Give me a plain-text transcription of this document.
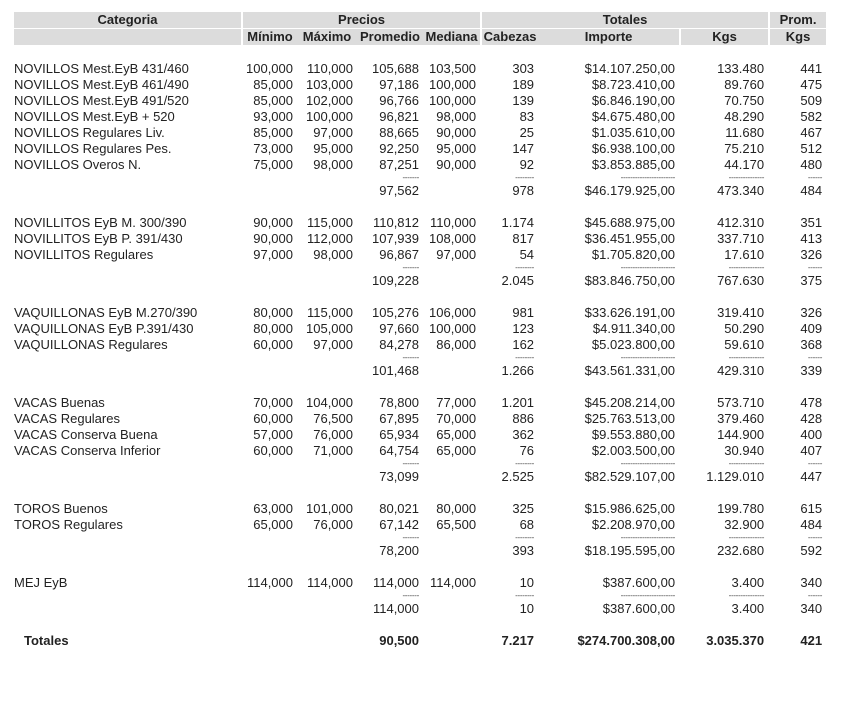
Categoria	Precios				Totales			Prom.
	Mínimo	Máximo	Promedio	Mediana	Cabezas	Importe	Kgs	Kgs

NOVILLOS Mest.EyB 431/460	100,000	110,000	105,688	103,500	303	$14.107.250,00	133.480	441
NOVILLOS Mest.EyB 461/490	85,000	103,000	97,186	100,000	189	$8.723.410,00	89.760	475
NOVILLOS Mest.EyB 491/520	85,000	102,000	96,766	100,000	139	$6.846.190,00	70.750	509
NOVILLOS Mest.EyB + 520	93,000	100,000	96,821	98,000	83	$4.675.480,00	48.290	582
NOVILLOS Regulares Liv.	85,000	97,000	88,665	90,000	25	$1.035.610,00	11.680	467
NOVILLOS Regulares Pes.	73,000	95,000	92,250	95,000	147	$6.938.100,00	75.210	512
NOVILLOS Overos N.	75,000	98,000	87,251	90,000	92	$3.853.885,00	44.170	480
			-------		--------	-----------------------	---------------	------
			97,562		978	$46.179.925,00	473.340	484

NOVILLITOS EyB M. 300/390	90,000	115,000	110,812	110,000	1.174	$45.688.975,00	412.310	351
NOVILLITOS EyB P. 391/430	90,000	112,000	107,939	108,000	817	$36.451.955,00	337.710	413
NOVILLITOS Regulares	97,000	98,000	96,867	97,000	54	$1.705.820,00	17.610	326
			-------		--------	-----------------------	---------------	------
			109,228		2.045	$83.846.750,00	767.630	375

VAQUILLONAS EyB M.270/390	80,000	115,000	105,276	106,000	981	$33.626.191,00	319.410	326
VAQUILLONAS EyB P.391/430	80,000	105,000	97,660	100,000	123	$4.911.340,00	50.290	409
VAQUILLONAS Regulares	60,000	97,000	84,278	86,000	162	$5.023.800,00	59.610	368
			-------		--------	-----------------------	---------------	------
			101,468		1.266	$43.561.331,00	429.310	339

VACAS Buenas	70,000	104,000	78,800	77,000	1.201	$45.208.214,00	573.710	478
VACAS Regulares	60,000	76,500	67,895	70,000	886	$25.763.513,00	379.460	428
VACAS Conserva Buena	57,000	76,000	65,934	65,000	362	$9.553.880,00	144.900	400
VACAS Conserva Inferior	60,000	71,000	64,754	65,000	76	$2.003.500,00	30.940	407
			-------		--------	-----------------------	---------------	------
			73,099		2.525	$82.529.107,00	1.129.010	447

TOROS Buenos	63,000	101,000	80,021	80,000	325	$15.986.625,00	199.780	615
TOROS Regulares	65,000	76,000	67,142	65,500	68	$2.208.970,00	32.900	484
			-------		--------	-----------------------	---------------	------
			78,200		393	$18.195.595,00	232.680	592

MEJ EyB	114,000	114,000	114,000	114,000	10	$387.600,00	3.400	340
			-------		--------	-----------------------	---------------	------
			114,000		10	$387.600,00	3.400	340

Totales			90,500		7.217	$274.700.308,00	3.035.370	421
